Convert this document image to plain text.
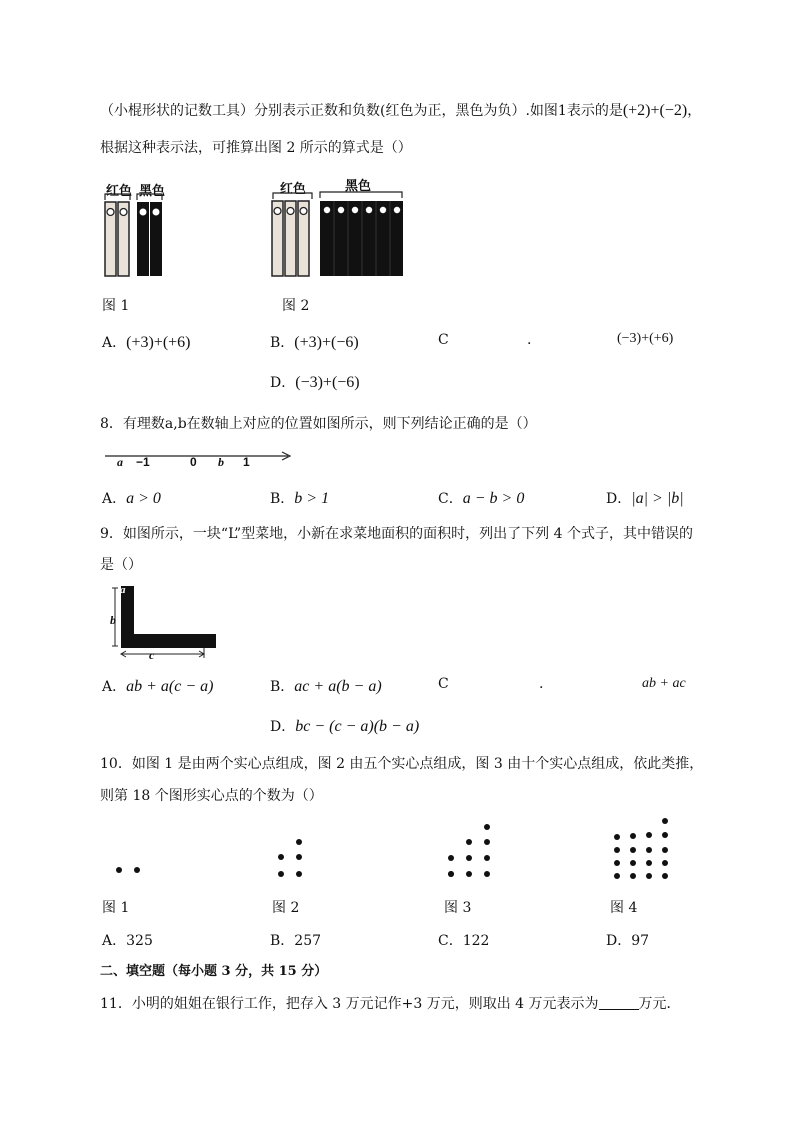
（小棍形状的记数工具）分别表示正数和负数(红色为正，黑色为负）.如图1表示的是(+2)+(−2)，
根据这种表示法，可推算出图 2 所示的算式是（）
红色 黑色	红色	黑色
图 1	图 2
A．(+3)+(+6)	B．(+3)+(−6)	C	.	(−3)+(+6)
D．(−3)+(−6)
8．有理数a,b在数轴上对应的位置如图所示，则下列结论正确的是（）
a −1	0 b 1
A．a > 0	B．b > 1	C．a − b > 0	D．|a| > |b|
9．如图所示，一块“L”型菜地，小新在求菜地面积的面积时，列出了下列 4 个式子，其中错误的
是（）
a
b
a
c
A．ab + a(c − a)	B．ac + a(b − a)	C	.	ab + ac
D．bc − (c − a)(b − a)
10．如图 1 是由两个实心点组成，图 2 由五个实心点组成，图 3 由十个实心点组成，依此类推，
则第 18 个图形实心点的个数为（）
图 1	图 2	图 3	图 4
A．325	B．257	C．122	D．97
二、填空题（每小题 3 分，共 15 分）
11．小明的姐姐在银行工作，把存入 3 万元记作+3 万元，则取出 4 万元表示为	万元．
